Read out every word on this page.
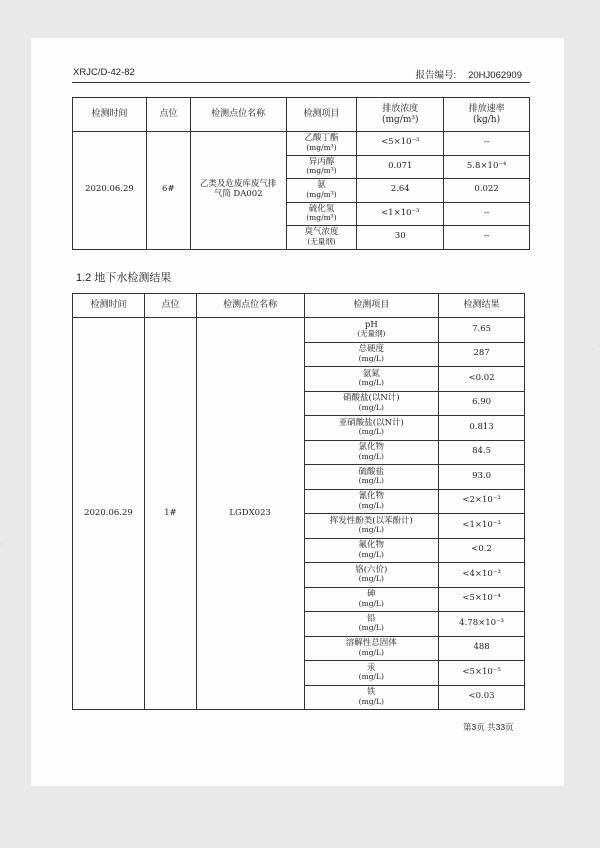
XRJC/D-42-82	报告编号: 20HJ062909
检测时间	点位	检测点位名称	检测项目	排放浓度
(mg/m³)	排放速率
(kg/h)
2020.06.29	6#	乙类及危废库废气排气筒 DA002	乙酸丁酯
(mg/m³)	<5×10⁻³	--

			异丙醇
(mg/m³)	0.071	5.8×10⁻⁴

			氨
(mg/m³)	2.64	0.022

			硫化氢
(mg/m³)	<1×10⁻³	--

			臭气浓度
(无量纲)	30	--
1.2 地下水检测结果
检测时间	点位	检测点位名称	检测项目	检测结果
2020.06.29	1#	LGDX023	pH
(无量纲)	7.65

			总硬度
(mg/L)	287

			氨氮
(mg/L)	<0.02

			硝酸盐(以N计)
(mg/L)	6.90

			亚硝酸盐(以N计)
(mg/L)	0.813

			氯化物
(mg/L)	84.5

			硫酸盐
(mg/L)	93.0

			氰化物
(mg/L)	<2×10⁻³

			挥发性酚类(以苯酚计)
(mg/L)	<1×10⁻³

			氟化物
(mg/L)	<0.2

			铬(六价)
(mg/L)	<4×10⁻³

			砷
(mg/L)	<5×10⁻⁴

			铅
(mg/L)	4.78×10⁻³

			溶解性总固体
(mg/L)	488

			汞
(mg/L)	<5×10⁻⁵

			铁
(mg/L)	<0.03
第3页 共33页
·
·
